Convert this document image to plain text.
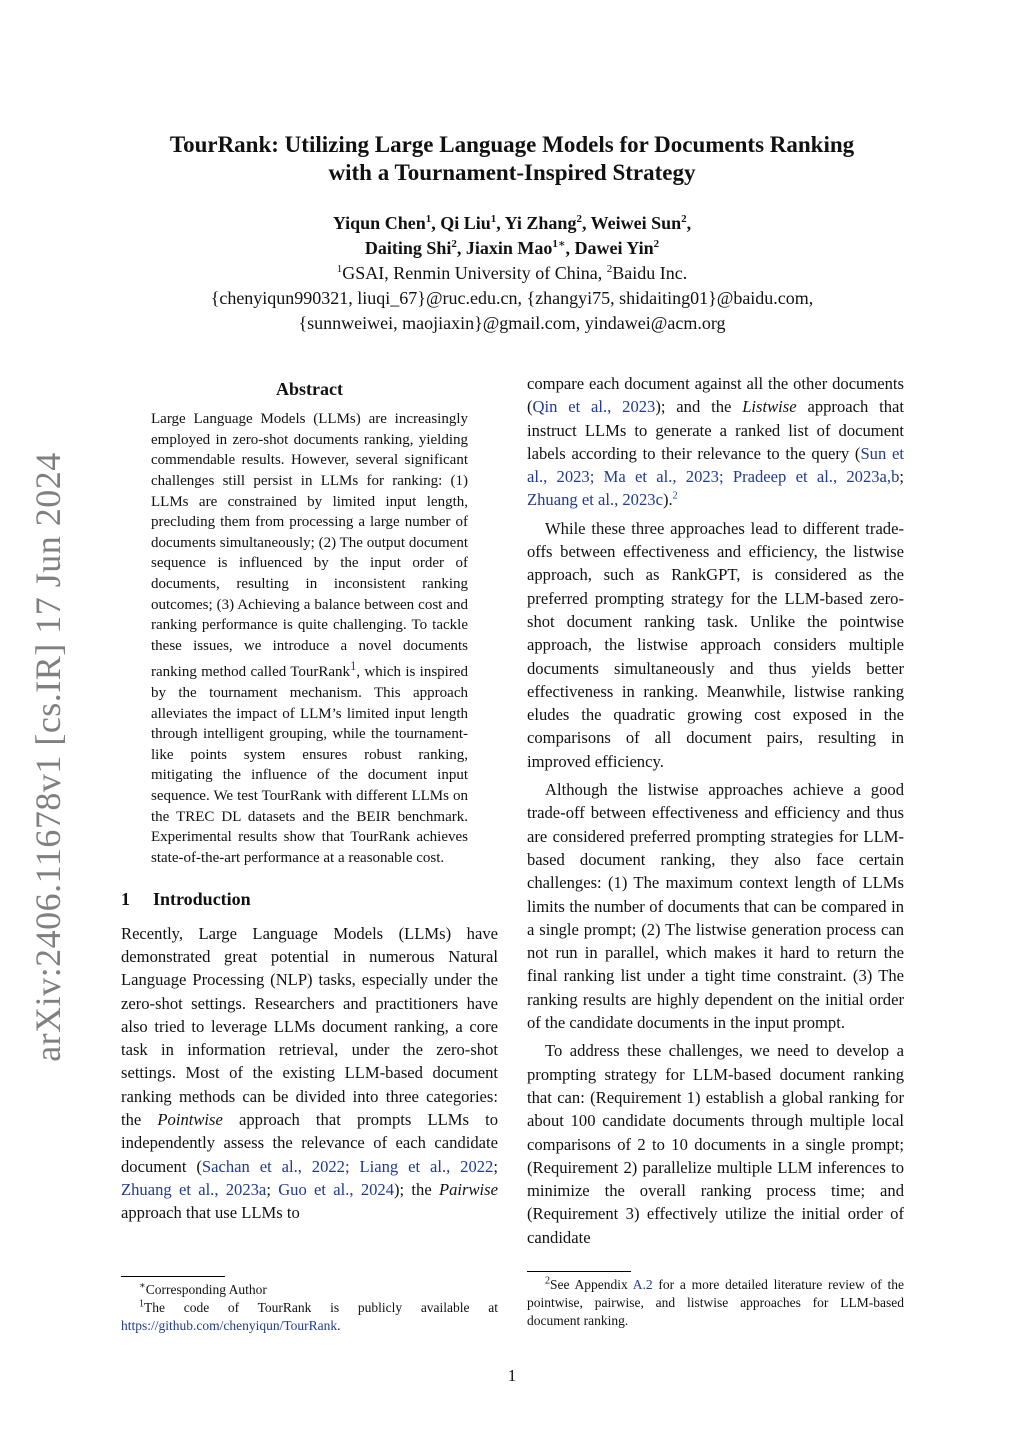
TourRank: Utilizing Large Language Models for Documents Ranking
with a Tournament-Inspired Strategy
Yiqun Chen$^1$, Qi Liu$^1$, Yi Zhang$^2$, Weiwei Sun$^2$,
Daiting Shi$^2$, Jiaxin Mao$^{1∗}$, Dawei Yin$^2$
$^1$GSAI, Renmin University of China, $^2$Baidu Inc.
{chenyiqun990321, liuqi_67}@ruc.edu.cn, {zhangyi75, shidaiting01}@baidu.com,
{sunnweiwei, maojiaxin}@gmail.com, yindawei@acm.org
arXiv:2406.11678v1 [cs.IR] 17 Jun 2024
Abstract

Large Language Models (LLMs) are increasingly employed in zero-shot documents ranking, yielding commendable results. However, several significant challenges still persist in LLMs for ranking: (1) LLMs are constrained by limited input length, precluding them from processing a large number of documents simultaneously; (2) The output document sequence is influenced by the input order of documents, resulting in inconsistent ranking outcomes; (3) Achieving a balance between cost and ranking performance is quite challenging. To tackle these issues, we introduce a novel documents ranking method called TourRank$^1$, which is inspired by the tournament mechanism. This approach alleviates the impact of LLM’s limited input length through intelligent grouping, while the tournament-like points system ensures robust ranking, mitigating the influence of the document input sequence. We test TourRank with different LLMs on the TREC DL datasets and the BEIR benchmark. Experimental results show that TourRank achieves state-of-the-art performance at a reasonable cost.

1 Introduction

Recently, Large Language Models (LLMs) have demonstrated great potential in numerous Natural Language Processing (NLP) tasks, especially under the zero-shot settings. Researchers and practitioners have also tried to leverage LLMs document ranking, a core task in information retrieval, under the zero-shot settings. Most of the existing LLM-based document ranking methods can be divided into three categories: the Pointwise approach that prompts LLMs to independently assess the relevance of each candidate document (Sachan et al., 2022; Liang et al., 2022; Zhuang et al., 2023a; Guo et al., 2024); the Pairwise approach that use LLMs to

compare each document against all the other documents (Qin et al., 2023); and the Listwise approach that instruct LLMs to generate a ranked list of document labels according to their relevance to the query (Sun et al., 2023; Ma et al., 2023; Pradeep et al., 2023a,b; Zhuang et al., 2023c).$^2$

While these three approaches lead to different trade-offs between effectiveness and efficiency, the listwise approach, such as RankGPT, is considered as the preferred prompting strategy for the LLM-based zero-shot document ranking task. Unlike the pointwise approach, the listwise approach considers multiple documents simultaneously and thus yields better effectiveness in ranking. Meanwhile, listwise ranking eludes the quadratic growing cost exposed in the comparisons of all document pairs, resulting in improved efficiency.

Although the listwise approaches achieve a good trade-off between effectiveness and efficiency and thus are considered preferred prompting strategies for LLM-based document ranking, they also face certain challenges: (1) The maximum context length of LLMs limits the number of documents that can be compared in a single prompt; (2) The listwise generation process can not run in parallel, which makes it hard to return the final ranking list under a tight time constraint. (3) The ranking results are highly dependent on the initial order of the candidate documents in the input prompt.

To address these challenges, we need to develop a prompting strategy for LLM-based document ranking that can: (Requirement 1) establish a global ranking for about 100 candidate documents through multiple local comparisons of 2 to 10 documents in a single prompt; (Requirement 2) parallelize multiple LLM inferences to minimize the overall ranking process time; and (Requirement 3) effectively utilize the initial order of candidate

∗Corresponding Author
$^1$The code of TourRank is publicly available at https://github.com/chenyiqun/TourRank.
$^2$See Appendix A.2 for a more detailed literature review of the pointwise, pairwise, and listwise approaches for LLM-based document ranking.
1
